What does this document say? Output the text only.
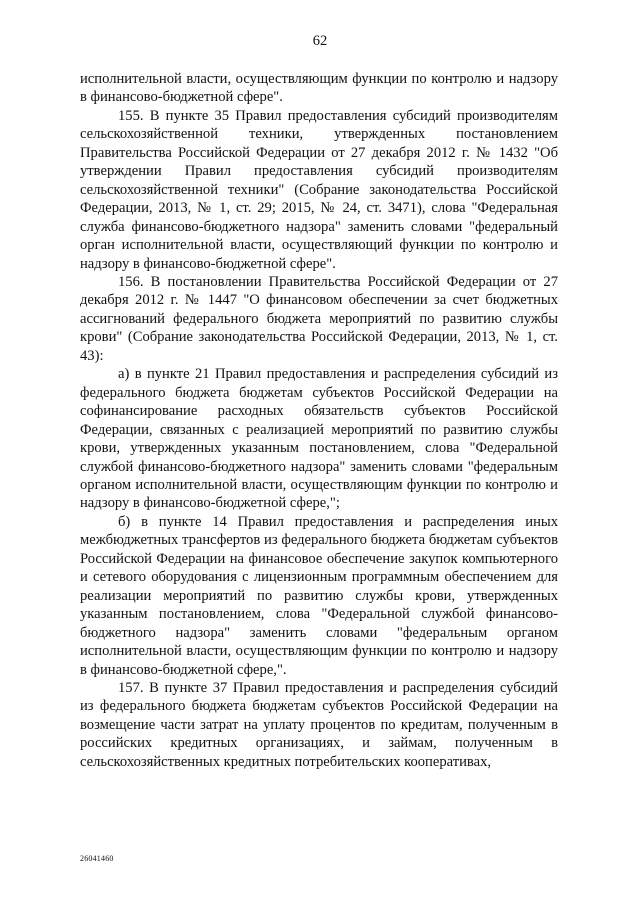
62

исполнительной власти, осуществляющим функции по контролю и надзору в финансово-бюджетной сфере".

155. В пункте 35 Правил предоставления субсидий производителям сельскохозяйственной техники, утвержденных постановлением Правительства Российской Федерации от 27 декабря 2012 г. № 1432 "Об утверждении Правил предоставления субсидий производителям сельскохозяйственной техники" (Собрание законодательства Российской Федерации, 2013, № 1, ст. 29; 2015, № 24, ст. 3471), слова "Федеральная служба финансово-бюджетного надзора" заменить словами "федеральный орган исполнительной власти, осуществляющий функции по контролю и надзору в финансово-бюджетной сфере".

156. В постановлении Правительства Российской Федерации от 27 декабря 2012 г. № 1447 "О финансовом обеспечении за счет бюджетных ассигнований федерального бюджета мероприятий по развитию службы крови" (Собрание законодательства Российской Федерации, 2013, № 1, ст. 43):

а) в пункте 21 Правил предоставления и распределения субсидий из федерального бюджета бюджетам субъектов Российской Федерации на софинансирование расходных обязательств субъектов Российской Федерации, связанных с реализацией мероприятий по развитию службы крови, утвержденных указанным постановлением, слова "Федеральной службой финансово-бюджетного надзора" заменить словами "федеральным органом исполнительной власти, осуществляющим функции по контролю и надзору в финансово-бюджетной сфере,";

б) в пункте 14 Правил предоставления и распределения иных межбюджетных трансфертов из федерального бюджета бюджетам субъектов Российской Федерации на финансовое обеспечение закупок компьютерного и сетевого оборудования с лицензионным программным обеспечением для реализации мероприятий по развитию службы крови, утвержденных указанным постановлением, слова "Федеральной службой финансово-бюджетного надзора" заменить словами "федеральным органом исполнительной власти, осуществляющим функции по контролю и надзору в финансово-бюджетной сфере,".

157. В пункте 37 Правил предоставления и распределения субсидий из федерального бюджета бюджетам субъектов Российской Федерации на возмещение части затрат на уплату процентов по кредитам, полученным в российских кредитных организациях, и займам, полученным в сельскохозяйственных кредитных потребительских кооперативах,

26041460
